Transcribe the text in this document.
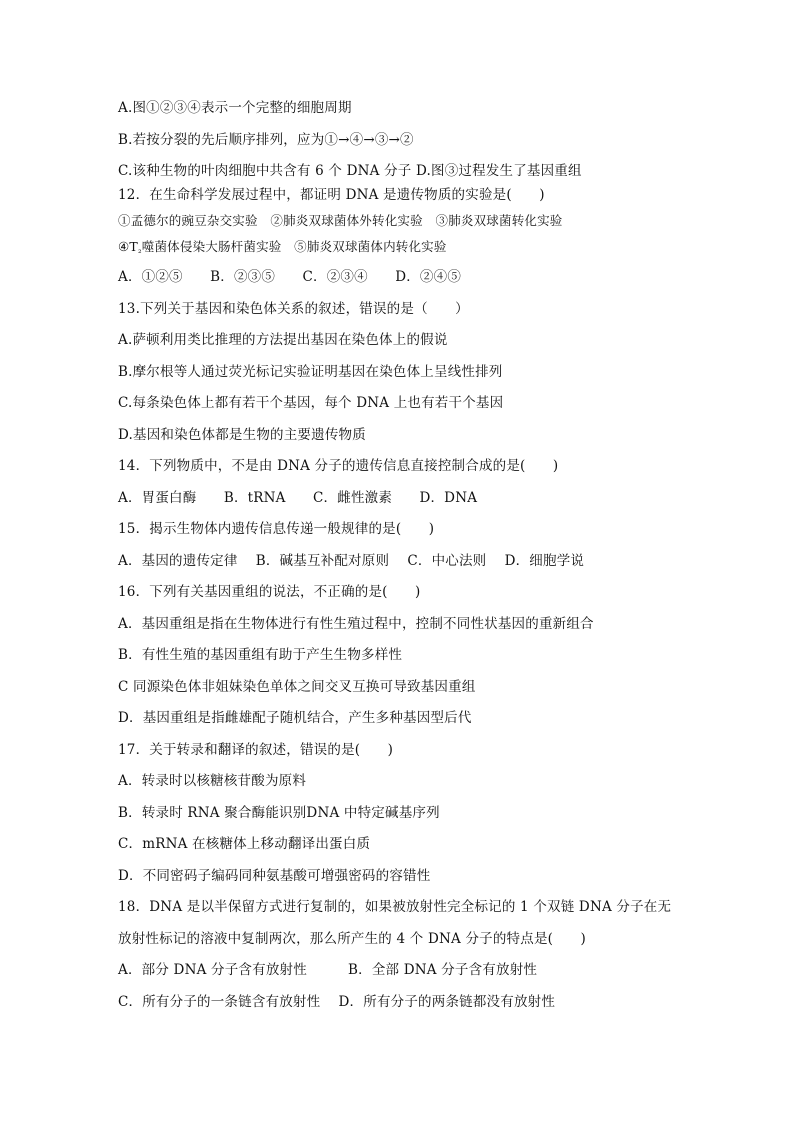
A.图①②③④表示一个完整的细胞周期

B.若按分裂的先后顺序排列，应为①→④→③→②

C.该种生物的叶肉细胞中共含有 6 个 DNA 分子 D.图③过程发生了基因重组

12．在生命科学发展过程中，都证明 DNA 是遗传物质的实验是(　　)

①孟德尔的豌豆杂交实验　②肺炎双球菌体外转化实验　③肺炎双球菌转化实验

$④T_{_2}$噬菌体侵染大肠杆菌实验　⑤肺炎双球菌体内转化实验

A．①②⑤　　B．②③⑤　　C．②③④　　D．②④⑤

13.下列关于基因和染色体关系的叙述，错误的是（　　）

A.萨顿利用类比推理的方法提出基因在染色体上的假说

B.摩尔根等人通过荧光标记实验证明基因在染色体上呈线性排列

C.每条染色体上都有若干个基因，每个 DNA 上也有若干个基因

D.基因和染色体都是生物的主要遗传物质

14．下列物质中，不是由 DNA 分子的遗传信息直接控制合成的是(　　)

A．胃蛋白酶　　B．tRNA　　C．雌性激素　　D．DNA

15．揭示生物体内遗传信息传递一般规律的是(　　)

A．基因的遗传定律　 B．碱基互补配对原则　 C．中心法则　 D．细胞学说

16．下列有关基因重组的说法，不正确的是(　　)

A．基因重组是指在生物体进行有性生殖过程中，控制不同性状基因的重新组合

B．有性生殖的基因重组有助于产生生物多样性

C 同源染色体非姐妹染色单体之间交叉互换可导致基因重组

D．基因重组是指雌雄配子随机结合，产生多种基因型后代

17．关于转录和翻译的叙述，错误的是(　　)

A．转录时以核糖核苷酸为原料

B．转录时 RNA 聚合酶能识别DNA 中特定碱基序列

C．mRNA 在核糖体上移动翻译出蛋白质

D．不同密码子编码同种氨基酸可增强密码的容错性

18．DNA 是以半保留方式进行复制的，如果被放射性完全标记的 1 个双链 DNA 分子在无

放射性标记的溶液中复制两次，那么所产生的 4 个 DNA 分子的特点是(　　)

A．部分 DNA 分子含有放射性　　　B．全部 DNA 分子含有放射性

C．所有分子的一条链含有放射性　 D．所有分子的两条链都没有放射性
